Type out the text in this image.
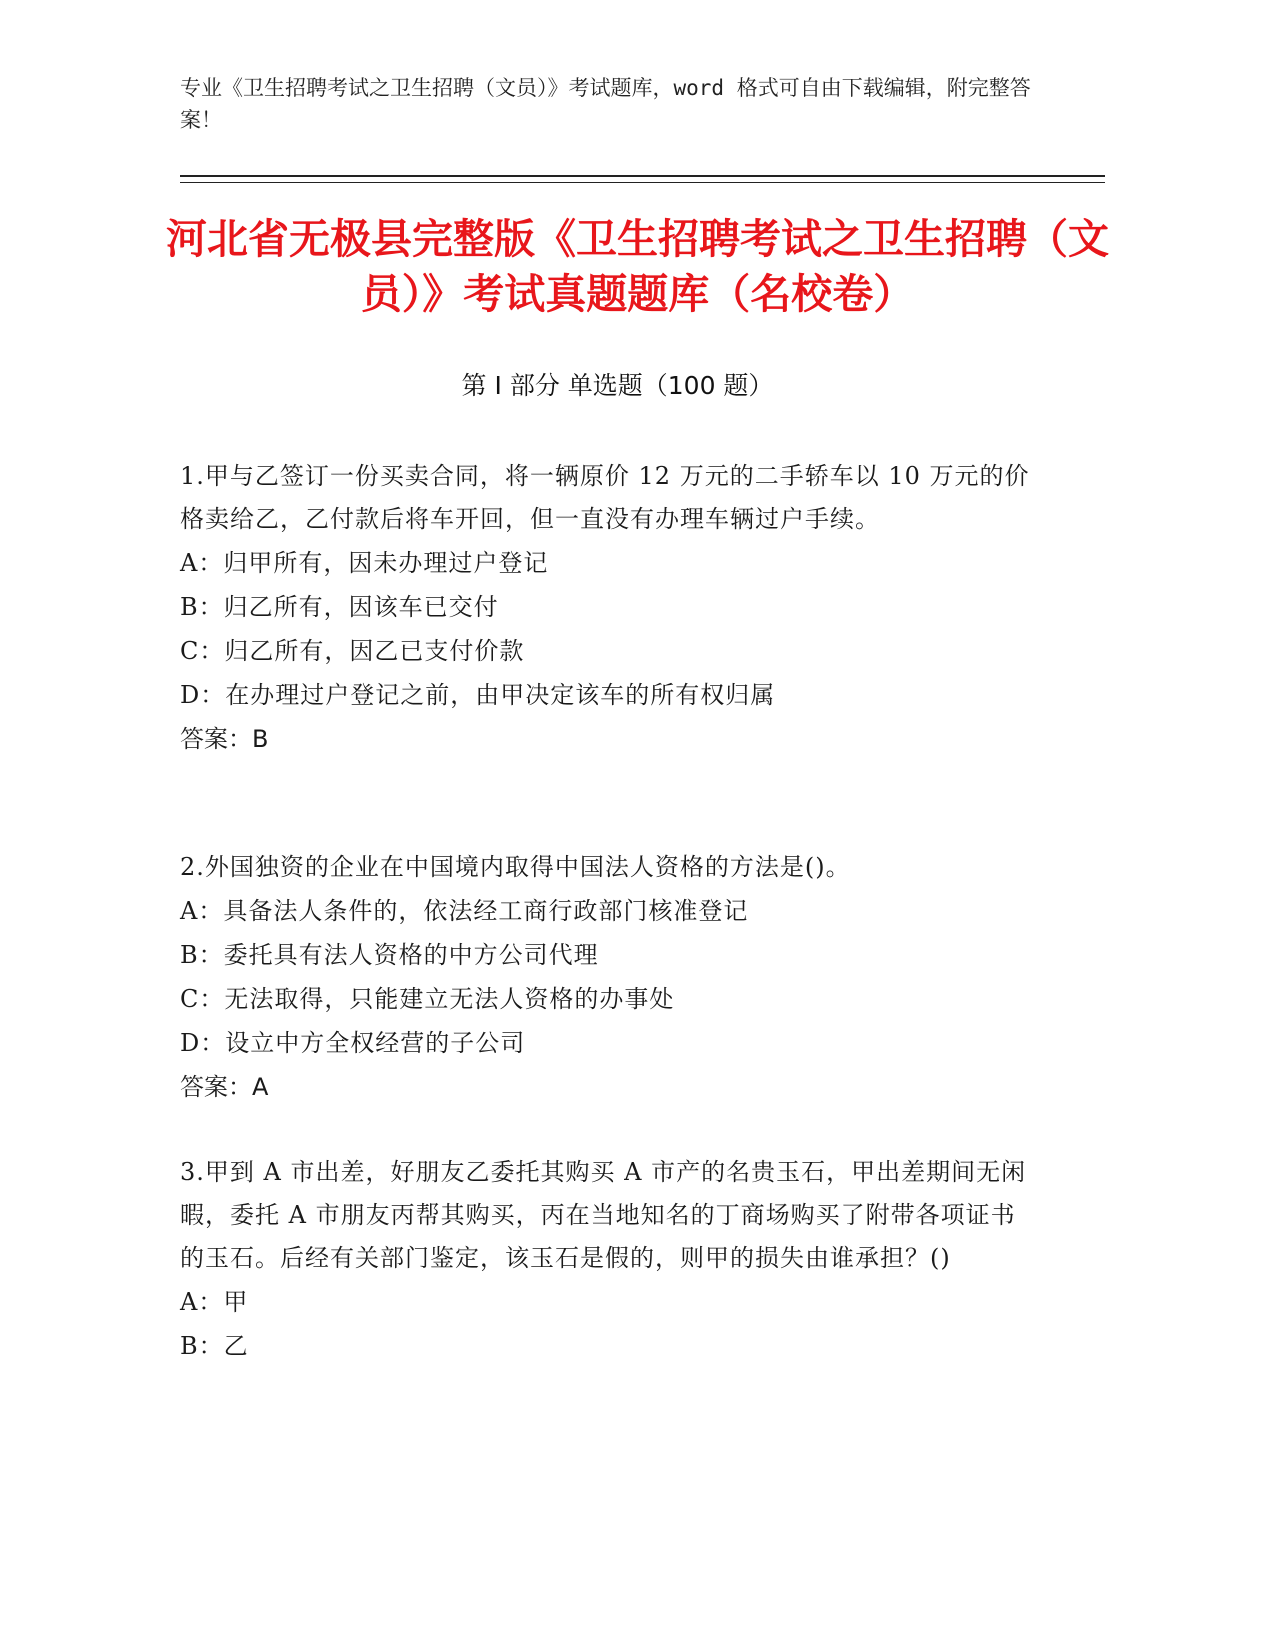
专业《卫生招聘考试之卫生招聘（文员）》考试题库，word 格式可自由下载编辑，附完整答案！
河北省无极县完整版《卫生招聘考试之卫生招聘（文员）》考试真题题库（名校卷）
第 I 部分 单选题（100 题）

1.甲与乙签订一份买卖合同，将一辆原价 12 万元的二手轿车以 10 万元的价格卖给乙，乙付款后将车开回，但一直没有办理车辆过户手续。

A：归甲所有，因未办理过户登记

B：归乙所有，因该车已交付

C：归乙所有，因乙已支付价款

D：在办理过户登记之前，由甲决定该车的所有权归属

答案：B

2.外国独资的企业在中国境内取得中国法人资格的方法是()。

A：具备法人条件的，依法经工商行政部门核准登记

B：委托具有法人资格的中方公司代理

C：无法取得，只能建立无法人资格的办事处

D：设立中方全权经营的子公司

答案：A

3.甲到 A 市出差，好朋友乙委托其购买 A 市产的名贵玉石，甲出差期间无闲暇，委托 A 市朋友丙帮其购买，丙在当地知名的丁商场购买了附带各项证书的玉石。后经有关部门鉴定，该玉石是假的，则甲的损失由谁承担？()

A：甲

B：乙
